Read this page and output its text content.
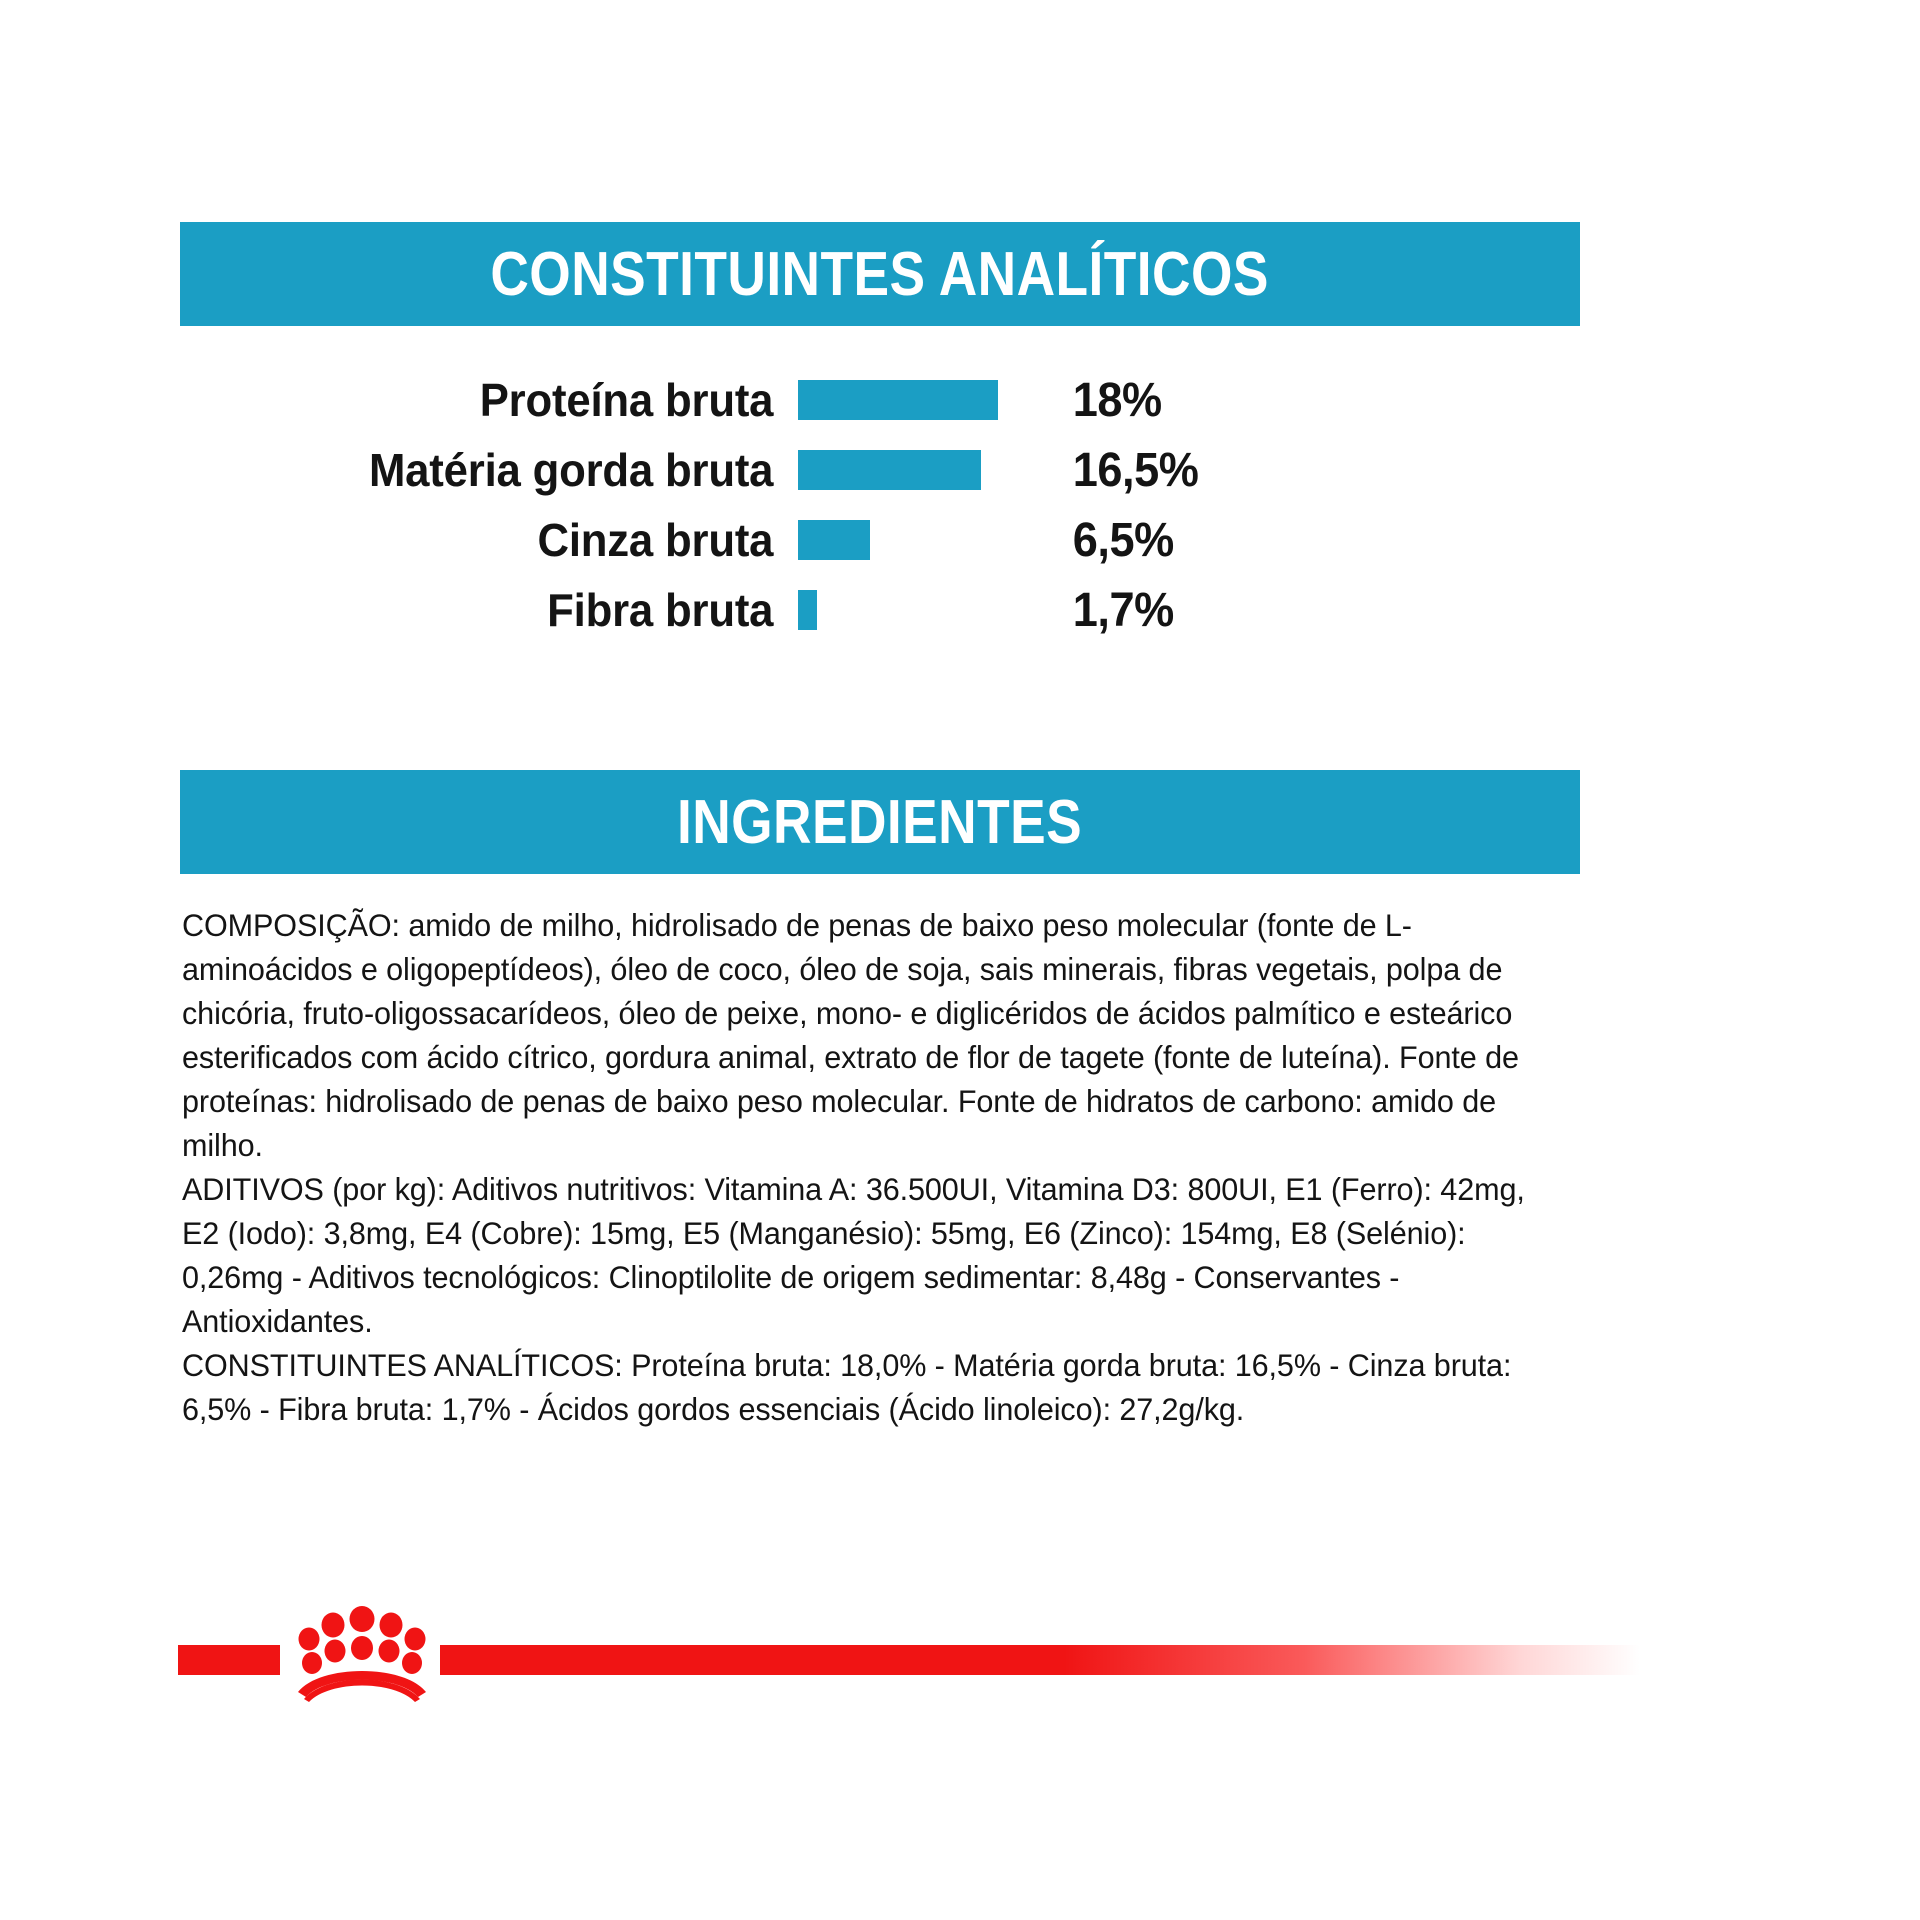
CONSTITUINTES ANALÍTICOS
Proteína bruta	18%
Matéria gorda bruta	16,5%
Cinza bruta	6,5%
Fibra bruta	1,7%
INGREDIENTES

COMPOSIÇÃO: amido de milho, hidrolisado de penas de baixo peso molecular (fonte de L-aminoácidos e oligopeptídeos), óleo de coco, óleo de soja, sais minerais, fibras vegetais, polpa de chicória, fruto-oligossacarídeos, óleo de peixe, mono- e diglicéridos de ácidos palmítico e esteárico esterificados com ácido cítrico, gordura animal, extrato de flor de tagete (fonte de luteína). Fonte de proteínas: hidrolisado de penas de baixo peso molecular. Fonte de hidratos de carbono: amido de milho.

ADITIVOS (por kg): Aditivos nutritivos: Vitamina A: 36.500UI, Vitamina D3: 800UI, E1 (Ferro): 42mg, E2 (Iodo): 3,8mg, E4 (Cobre): 15mg, E5 (Manganésio): 55mg, E6 (Zinco): 154mg, E8 (Selénio): 0,26mg - Aditivos tecnológicos: Clinoptilolite de origem sedimentar: 8,48g - Conservantes - Antioxidantes.

CONSTITUINTES ANALÍTICOS: Proteína bruta: 18,0% - Matéria gorda bruta: 16,5% - Cinza bruta: 6,5% - Fibra bruta: 1,7% - Ácidos gordos essenciais (Ácido linoleico): 27,2g/kg.
